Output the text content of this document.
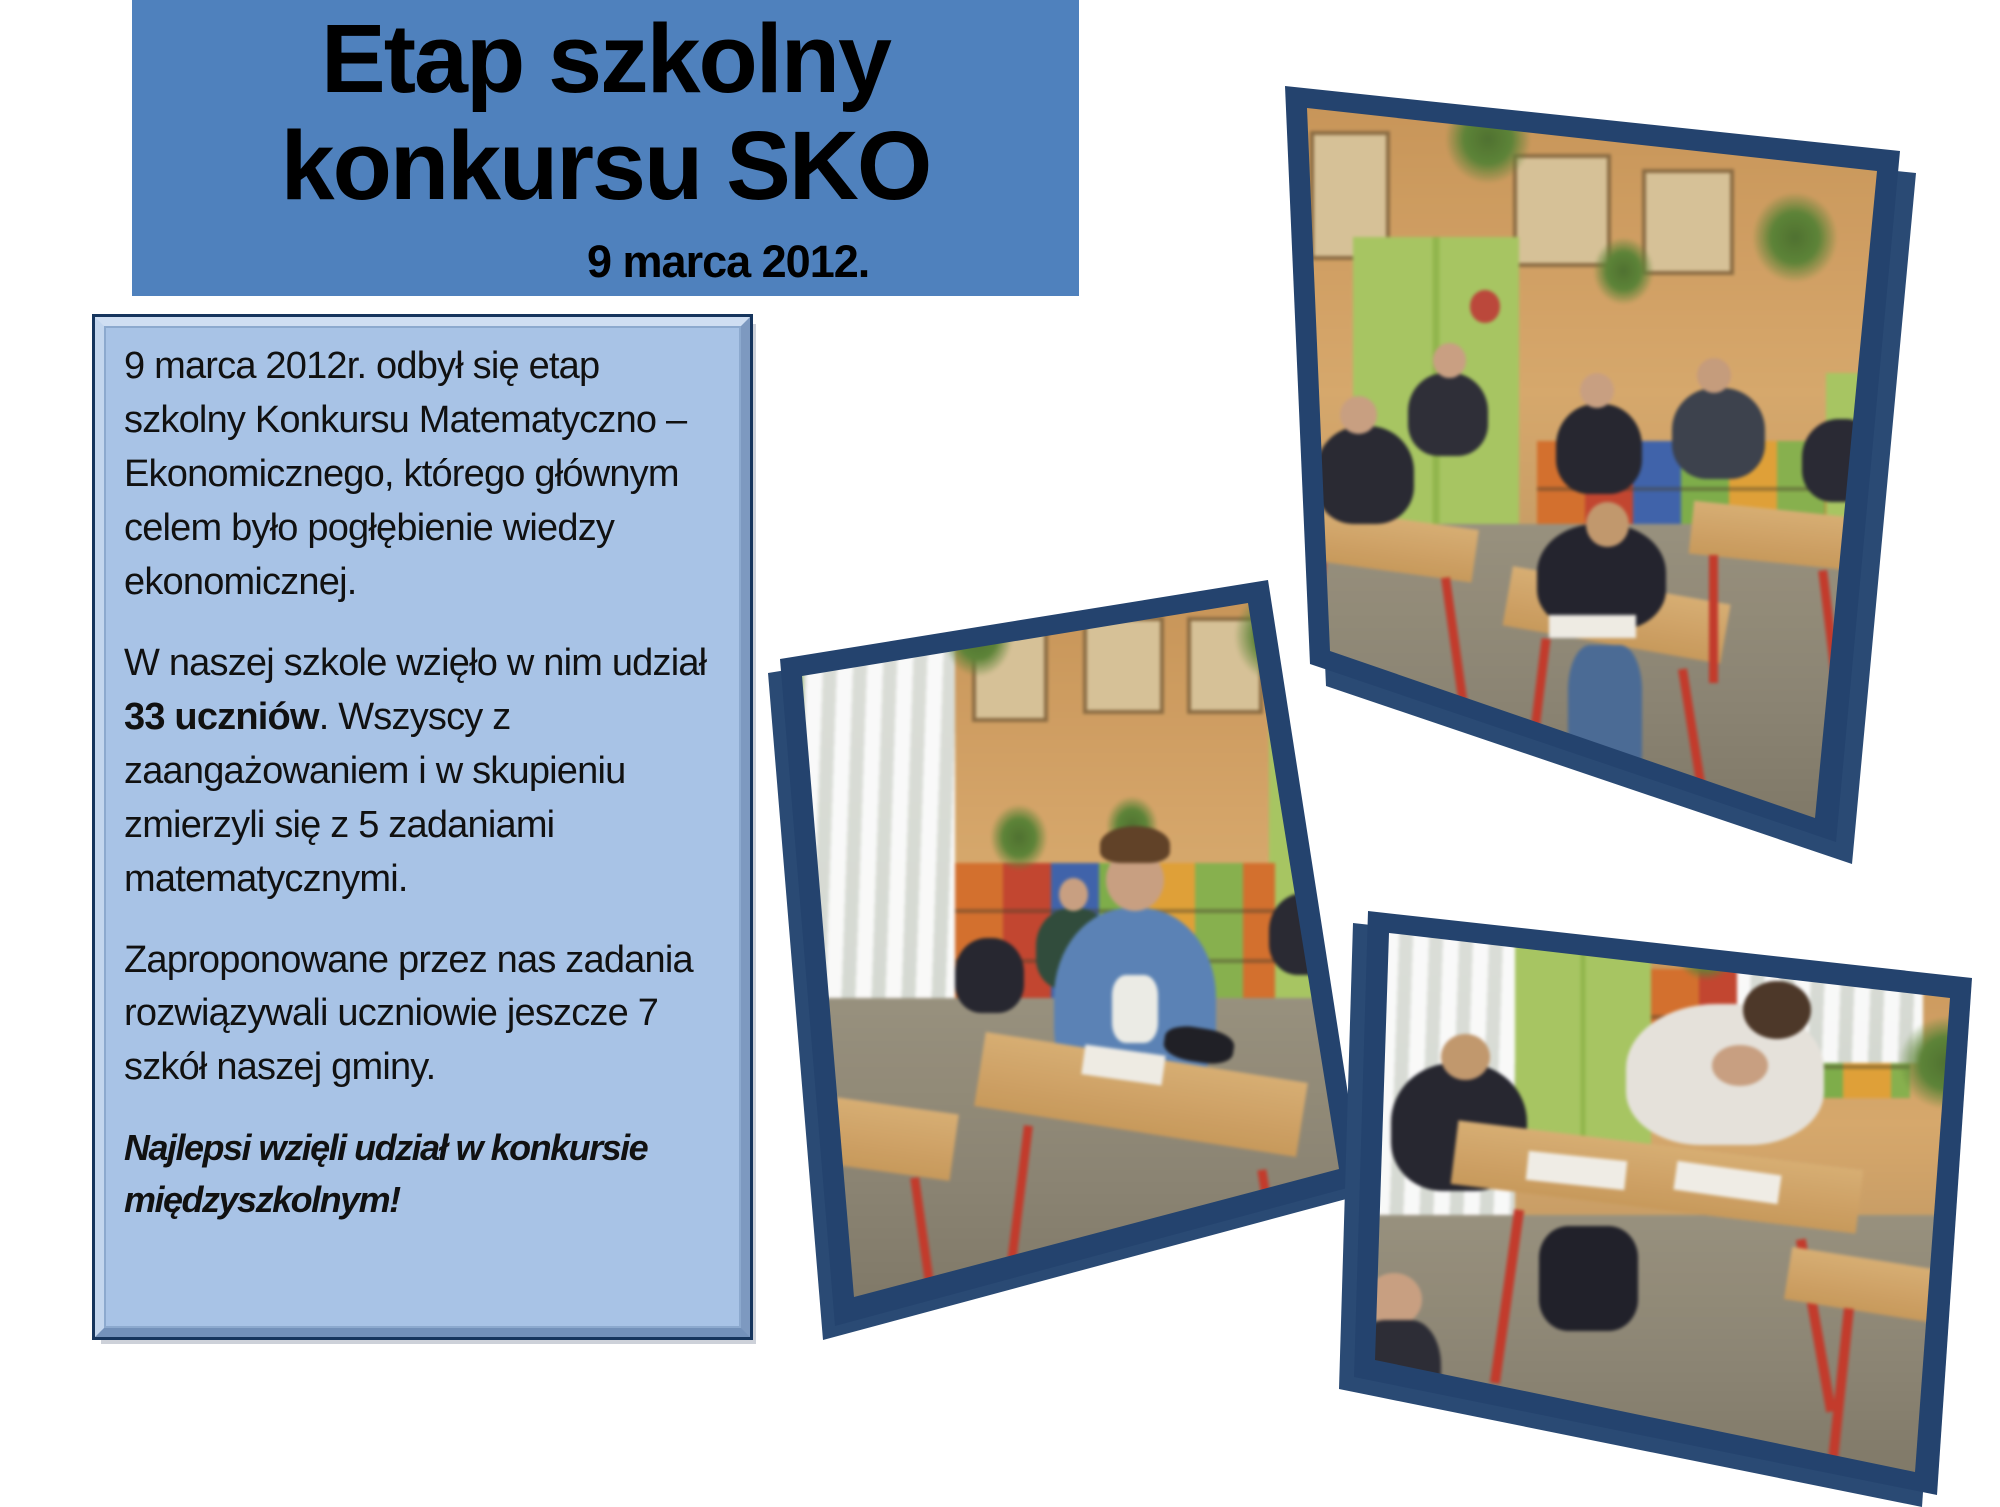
Etap szkolny
konkursu SKO
9 marca 2012.
9 marca 2012r. odbył się etap szkolny Konkursu Matematyczno – Ekonomicznego, którego głównym celem było pogłębienie wiedzy ekonomicznej.
W naszej szkole wzięło w nim udział 33 uczniów. Wszyscy z zaangażowaniem i w skupieniu zmierzyli się z 5 zadaniami matematycznymi.
Zaproponowane przez nas zadania rozwiązywali uczniowie jeszcze 7 szkół naszej gminy.
Najlepsi wzięli udział w konkursie międzyszkolnym!
